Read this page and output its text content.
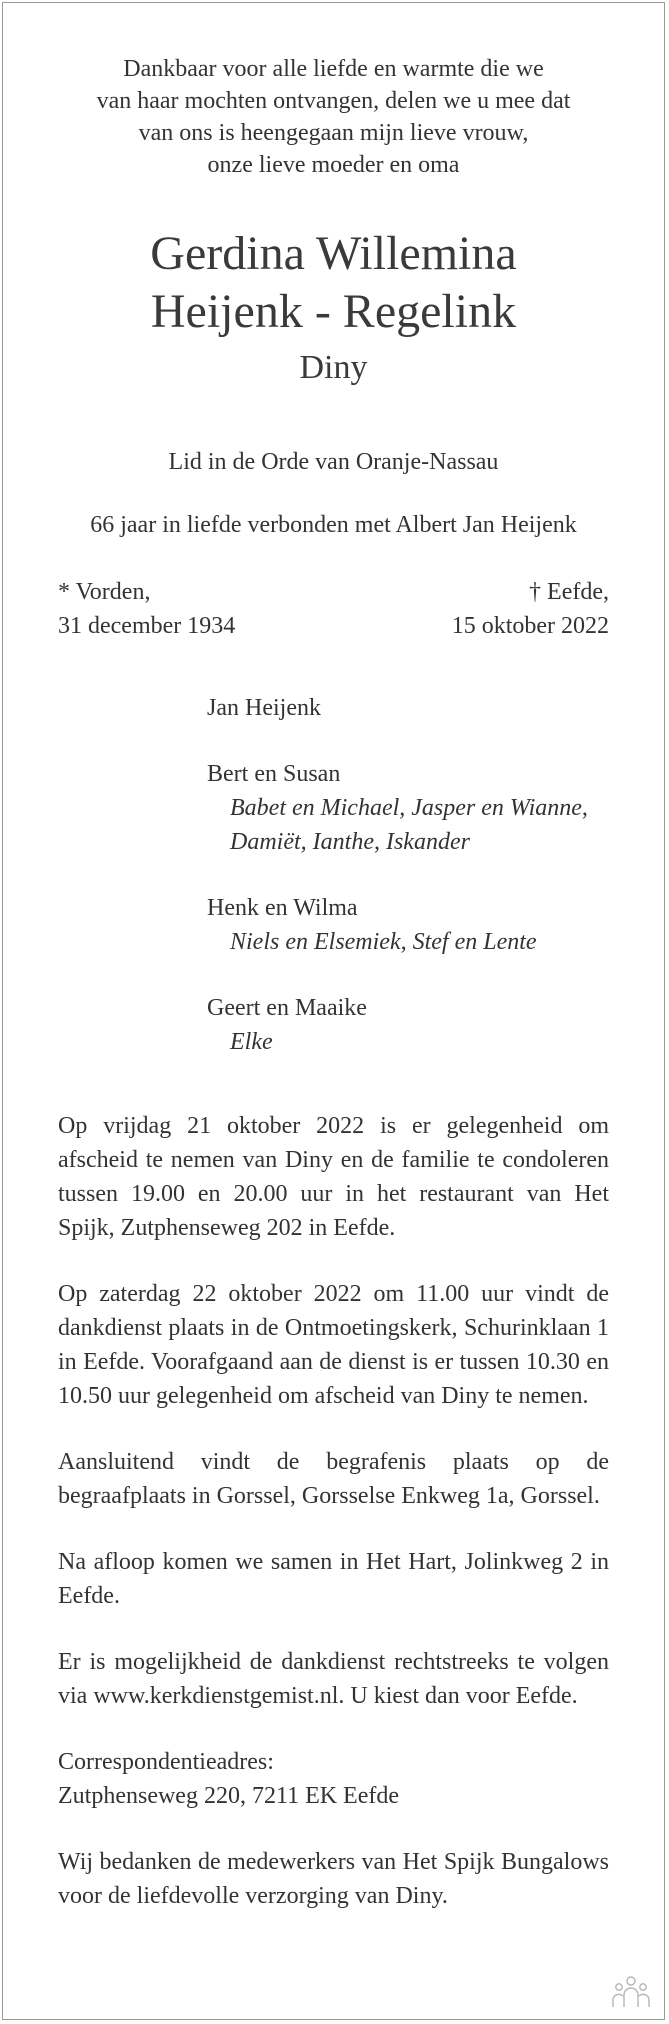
Dankbaar voor alle liefde en warmte die we
van haar mochten ontvangen, delen we u mee dat
van ons is heengegaan mijn lieve vrouw,
onze lieve moeder en oma
Gerdina Willemina
Heijenk - Regelink
Diny
Lid in de Orde van Oranje-Nassau
66 jaar in liefde verbonden met Albert Jan Heijenk
* Vorden,	† Eefde,
31 december 1934	15 oktober 2022
Jan Heijenk
Bert en Susan
Babet en Michael, Jasper en Wianne,
Damiët, Ianthe, Iskander
Henk en Wilma
Niels en Elsemiek, Stef en Lente
Geert en Maaike
Elke

Op vrijdag 21 oktober 2022 is er gelegenheid om afscheid te nemen van Diny en de familie te condoleren tussen 19.00 en 20.00 uur in het restaurant van Het Spijk, Zutphenseweg 202 in Eefde.

Op zaterdag 22 oktober 2022 om 11.00 uur vindt de dankdienst plaats in de Ontmoetingskerk, Schurinklaan 1 in Eefde. Voorafgaand aan de dienst is er tussen 10.30 en 10.50 uur gelegenheid om afscheid van Diny te nemen.

Aansluitend vindt de begrafenis plaats op de begraafplaats in Gorssel, Gorsselse Enkweg 1a, Gorssel.

Na afloop komen we samen in Het Hart, Jolinkweg 2 in Eefde.

Er is mogelijkheid de dankdienst rechtstreeks te volgen via www.kerkdienstgemist.nl. U kiest dan voor Eefde.

Correspondentieadres:
Zutphenseweg 220, 7211 EK Eefde

Wij bedanken de medewerkers van Het Spijk Bungalows voor de liefdevolle verzorging van Diny.
